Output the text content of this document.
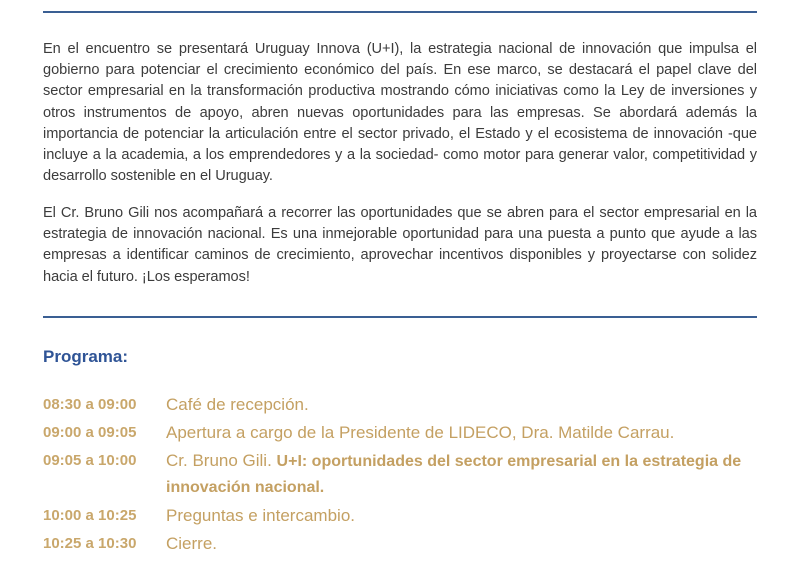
En el encuentro se presentará Uruguay Innova (U+I), la estrategia nacional de innovación que impulsa el gobierno para potenciar el crecimiento económico del país. En ese marco, se destacará el papel clave del sector empresarial en la transformación productiva mostrando cómo iniciativas como la Ley de inversiones y otros instrumentos de apoyo, abren nuevas oportunidades para las empresas. Se abordará además la importancia de potenciar la articulación entre el sector privado, el Estado y el ecosistema de innovación -que incluye a la academia, a los emprendedores y a la sociedad- como motor para generar valor, competitividad y desarrollo sostenible en el Uruguay.

El Cr. Bruno Gili nos acompañará a recorrer las oportunidades que se abren para el sector empresarial en la estrategia de innovación nacional. Es una inmejorable oportunidad para una puesta a punto que ayude a las empresas a identificar caminos de crecimiento, aprovechar incentivos disponibles y proyectarse con solidez hacia el futuro. ¡Los esperamos!

Programa:
08:30 a 09:00	Café de recepción.
09:00 a 09:05	Apertura a cargo de la Presidente de LIDECO, Dra. Matilde Carrau.
09:05 a 10:00	Cr. Bruno Gili. U+I: oportunidades del sector empresarial en la estrategia de innovación nacional.
10:00 a 10:25	Preguntas e intercambio.
10:25 a 10:30	Cierre.
